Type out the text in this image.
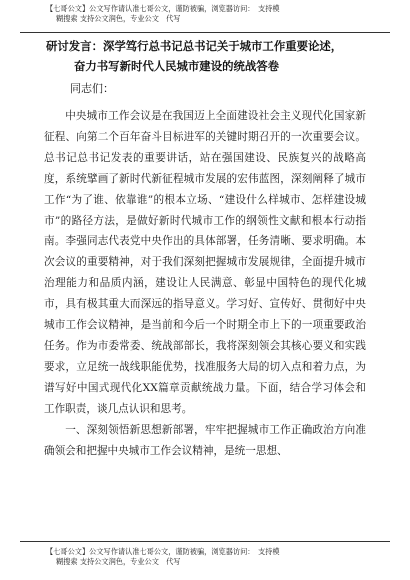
【七哥公文】公文写作请认准七哥公文，谨防被骗，浏览器访问：　支持模
糊搜索 支持公文润色，专业公文　代写
研讨发言：深学笃行总书记总书记关于城市工作重要论述，
奋力书写新时代人民城市建设的统战答卷
同志们：

中央城市工作会议是在我国迈上全面建设社会主义现代化国家新征程、向第二个百年奋斗目标进军的关键时期召开的一次重要会议。总书记总书记发表的重要讲话，站在强国建设、民族复兴的战略高度，系统擘画了新时代新征程城市发展的宏伟蓝图，深刻阐释了城市工作“为了谁、依靠谁”的根本立场、“建设什么样城市、怎样建设城市”的路径方法，是做好新时代城市工作的纲领性文献和根本行动指南。李强同志代表党中央作出的具体部署，任务清晰、要求明确。本次会议的重要精神，对于我们深刻把握城市发展规律，全面提升城市治理能力和品质内涵，建设让人民满意、彰显中国特色的现代化城市，具有极其重大而深远的指导意义。学习好、宣传好、贯彻好中央城市工作会议精神，是当前和今后一个时期全市上下的一项重要政治任务。作为市委常委、统战部部长，我将深刻领会其核心要义和实践要求，立足统一战线职能优势，找准服务大局的切入点和着力点，为谱写好中国式现代化XX篇章贡献统战力量。下面，结合学习体会和工作职责，谈几点认识和思考。

一、深刻领悟新思想新部署，牢牢把握城市工作正确政治方向准确领会和把握中央城市工作会议精神，是统一思想、

【七哥公文】公文写作请认准七哥公文，谨防被骗，浏览器访问：　支持模
糊搜索 支持公文润色，专业公文　代写
